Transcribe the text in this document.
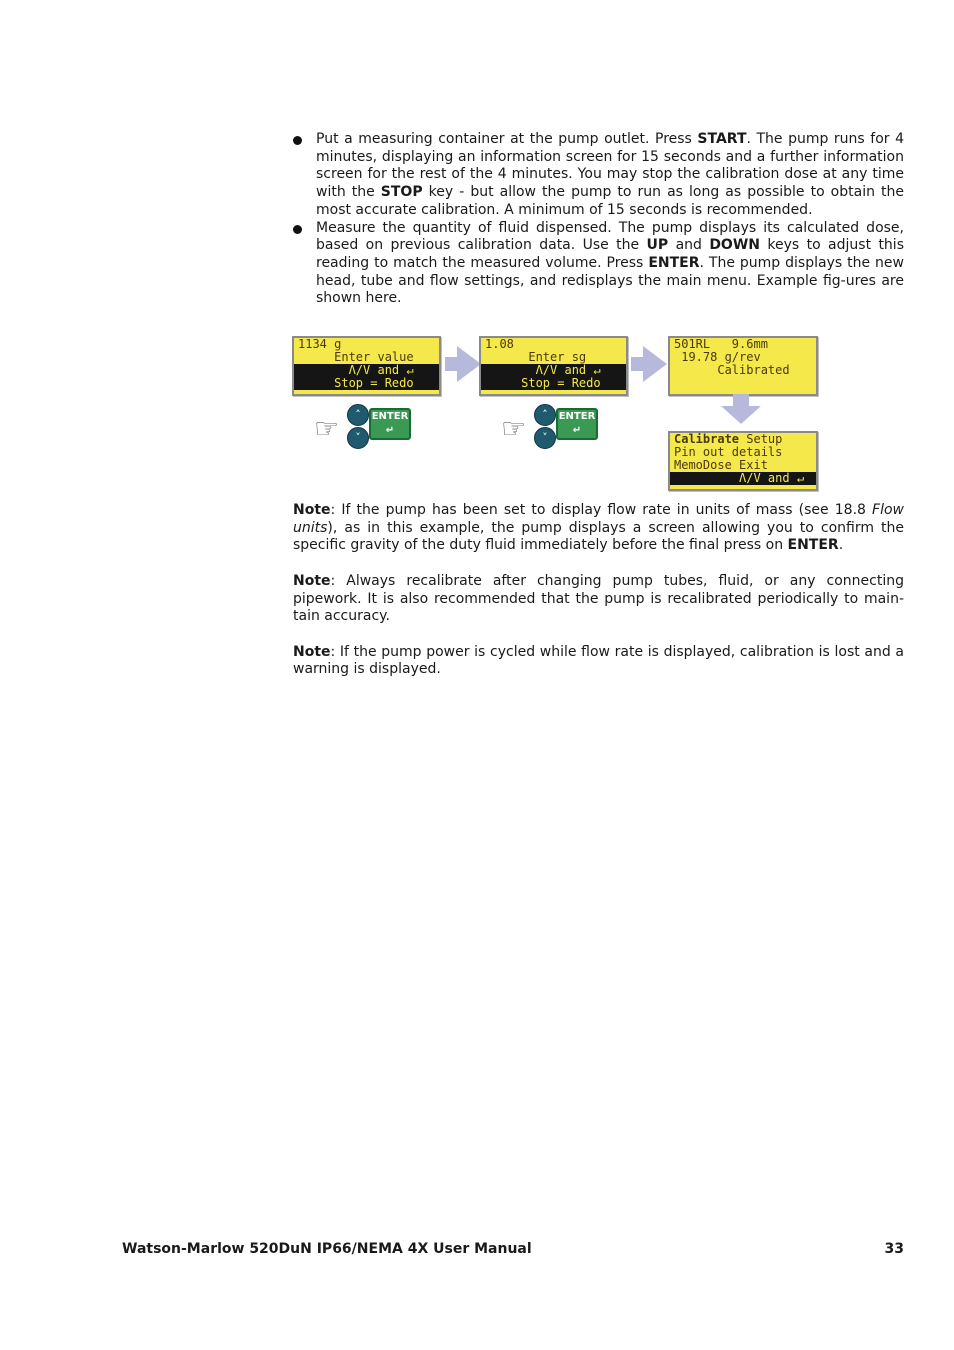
Put a measuring container at the pump outlet. Press START. The pump runs for 4 minutes, displaying an information screen for 15 seconds and a further information screen for the rest of the 4 minutes. You may stop the calibration dose at any time with the STOP key - but allow the pump to run as long as possible to obtain the most accurate calibration. A minimum of 15 seconds is recommended.
Measure the quantity of fluid dispensed. The pump displays its calculated dose, based on previous calibration data. Use the UP and DOWN keys to adjust this reading to match the measured volume. Press ENTER. The pump displays the new head, tube and flow settings, and redisplays the main menu. Example fig-ures are shown here.
1134 g
Enter value
Λ/V and ↵
Stop = Redo
1.08
Enter sg
Λ/V and ↵
Stop = Redo
501RL   9.6mm
19.78 g/rev
Calibrated
Calibrate Setup
Pin out details
MemoDose Exit
Λ/V and ↵
☞	˄
˅
ENTER
↵	☞	˄
˅
ENTER
↵

Note: If the pump has been set to display flow rate in units of mass (see 18.8 Flow units), as in this example, the pump displays a screen allowing you to confirm the specific gravity of the duty fluid immediately before the final press on ENTER.

Note: Always recalibrate after changing pump tubes, fluid, or any connecting pipework. It is also recommended that the pump is recalibrated periodically to main-tain accuracy.

Note: If the pump power is cycled while flow rate is displayed, calibration is lost and a warning is displayed.

Watson-Marlow 520DuN IP66/NEMA 4X User Manual	33
